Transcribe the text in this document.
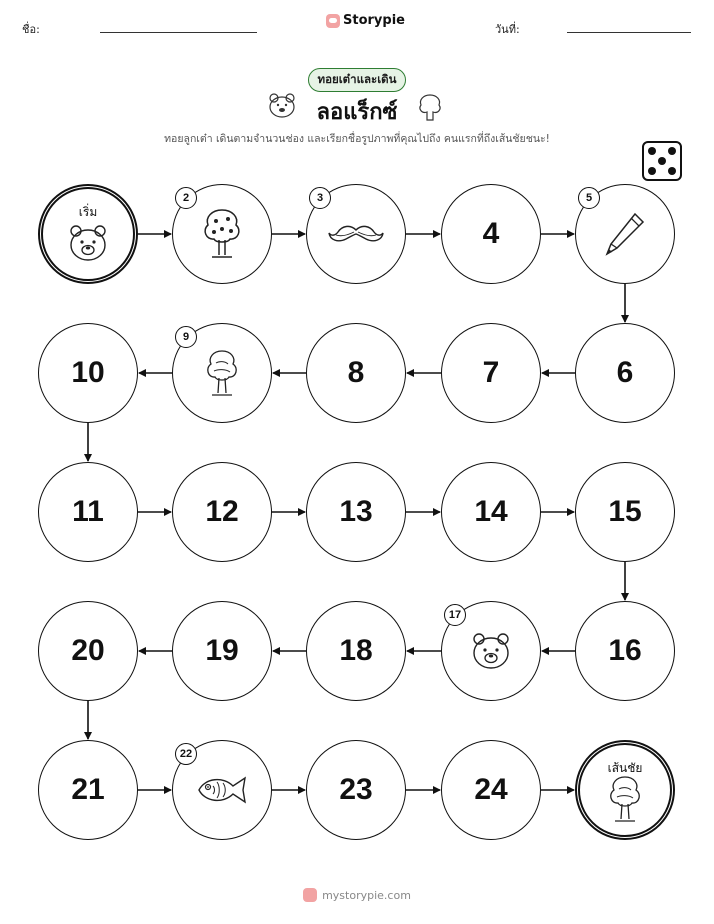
ชื่อ:
Storypie
วันที่:
ทอยเต๋าและเดิน
ลอแร็กซ์
ทอยลูกเต๋า เดินตามจำนวนช่อง และเรียกชื่อรูปภาพที่คุณไปถึง คนแรกที่ถึงเส้นชัยชนะ!
เริ่ม
2	3
4
5
6
7
8
9
10
11	12	13	14	15
16
17
18
19
20
21
22
23	24
เส้นชัย
mystorypie.com
